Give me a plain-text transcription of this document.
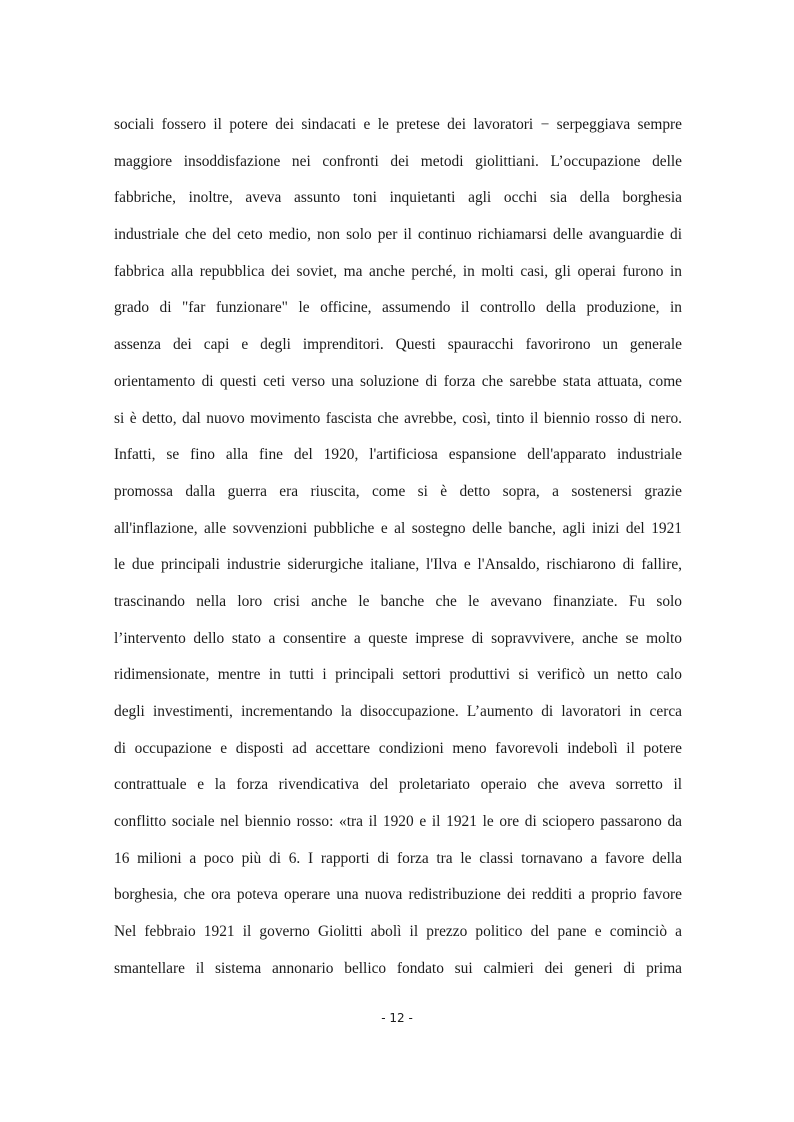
sociali fossero il potere dei sindacati e le pretese dei lavoratori − serpeggiava sempre
maggiore insoddisfazione nei confronti dei metodi giolittiani. L’occupazione delle
fabbriche, inoltre, aveva assunto toni inquietanti agli occhi sia della borghesia
industriale che del ceto medio, non solo per il continuo richiamarsi delle avanguardie di
fabbrica alla repubblica dei soviet, ma anche perché, in molti casi, gli operai furono in
grado di "far funzionare" le officine, assumendo il controllo della produzione, in
assenza dei capi e degli imprenditori. Questi spauracchi favorirono un generale
orientamento di questi ceti verso una soluzione di forza che sarebbe stata attuata, come
si è detto, dal nuovo movimento fascista che avrebbe, così, tinto il biennio rosso di nero.
Infatti, se fino alla fine del 1920, l'artificiosa espansione dell'apparato industriale
promossa dalla guerra era riuscita, come si è detto sopra, a sostenersi grazie
all'inflazione, alle sovvenzioni pubbliche e al sostegno delle banche, agli inizi del 1921
le due principali industrie siderurgiche italiane, l'Ilva e l'Ansaldo, rischiarono di fallire,
trascinando nella loro crisi anche le banche che le avevano finanziate. Fu solo
l’intervento dello stato a consentire a queste imprese di sopravvivere, anche se molto
ridimensionate, mentre in tutti i principali settori produttivi si verificò un netto calo
degli investimenti, incrementando la disoccupazione. L’aumento di lavoratori in cerca
di occupazione e disposti ad accettare condizioni meno favorevoli indebolì il potere
contrattuale e la forza rivendicativa del proletariato operaio che aveva sorretto il
conflitto sociale nel biennio rosso: «tra il 1920 e il 1921 le ore di sciopero passarono da
16 milioni a poco più di 6. I rapporti di forza tra le classi tornavano a favore della
borghesia, che ora poteva operare una nuova redistribuzione dei redditi a proprio favore
Nel febbraio 1921 il governo Giolitti abolì il prezzo politico del pane e cominciò a
smantellare il sistema annonario bellico fondato sui calmieri dei generi di prima
- 12 -
